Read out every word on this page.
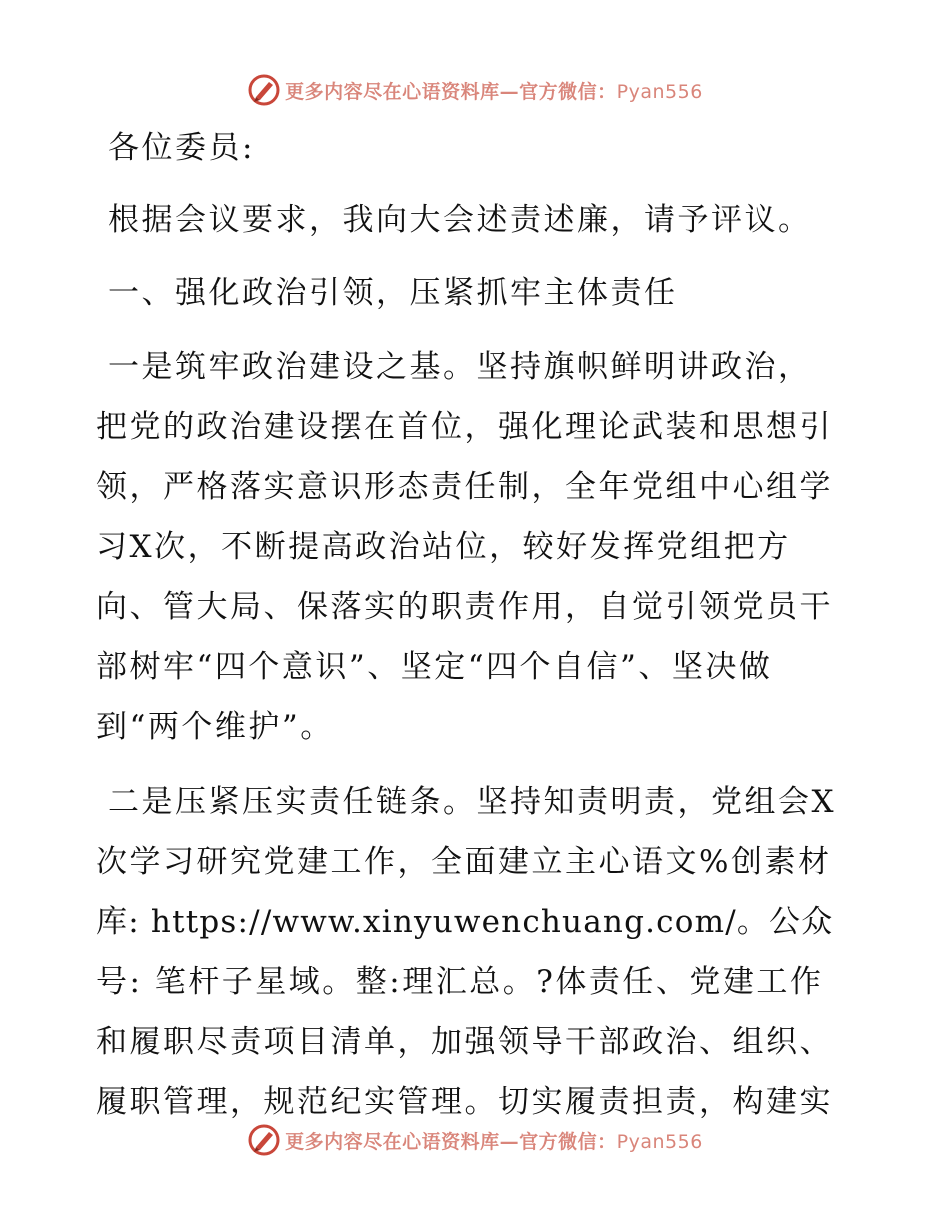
更多内容尽在心语资料库—官方微信：Pyan556
各位委员:
根据会议要求，我向大会述责述廉，请予评议。
一、强化政治引领，压紧抓牢主体责任
一是筑牢政治建设之基。坚持旗帜鲜明讲政治，
把党的政治建设摆在首位，强化理论武装和思想引
领，严格落实意识形态责任制，全年党组中心组学
习X次，不断提高政治站位，较好发挥党组把方
向、管大局、保落实的职责作用，自觉引领党员干
部树牢“四个意识”、坚定“四个自信”、坚决做
到“两个维护”。
二是压紧压实责任链条。坚持知责明责，党组会X
次学习研究党建工作，全面建立主心语文%创素材
库: https://www.xinyuwenchuang.com/。公众
号: 笔杆子星域。整:理汇总。?体责任、党建工作
和履职尽责项目清单，加强领导干部政治、组织、
履职管理，规范纪实管理。切实履责担责，构建实
更多内容尽在心语资料库—官方微信：Pyan556
